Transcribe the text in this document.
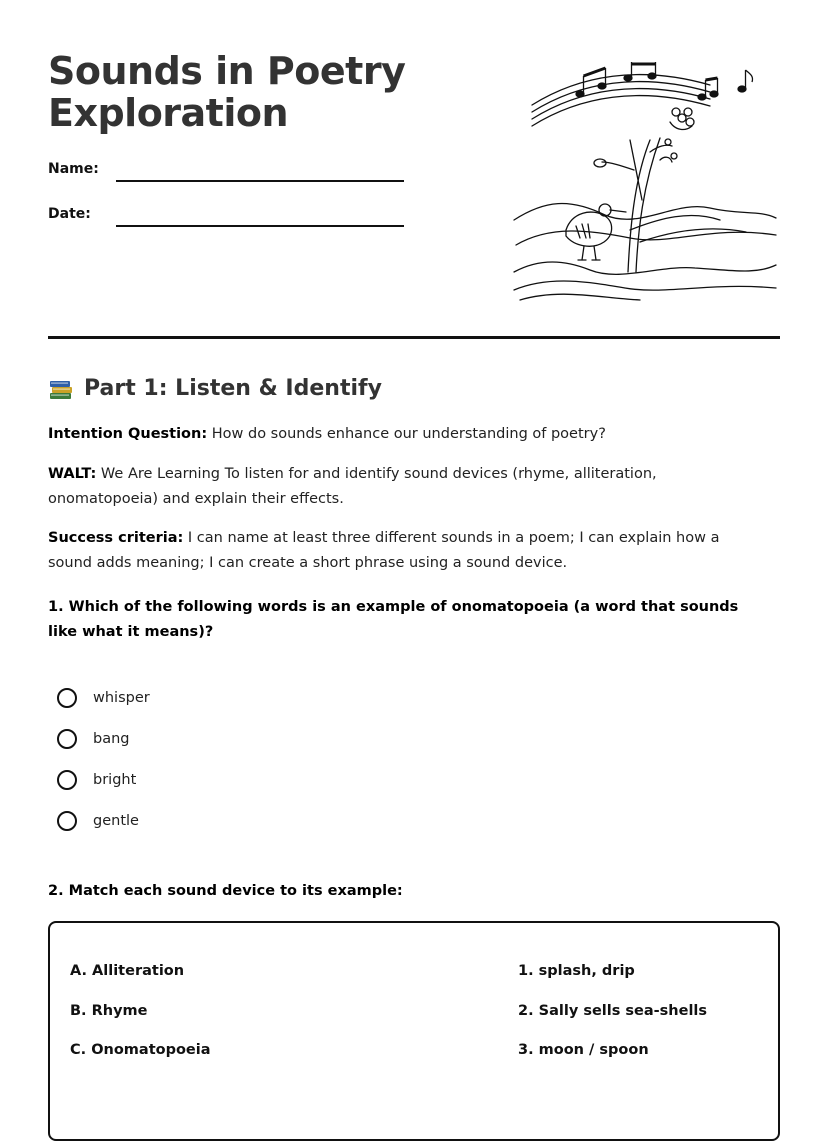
Sounds in Poetry Exploration
Name:
Date:
Part 1: Listen & Identify

Intention Question: How do sounds enhance our understanding of poetry?

WALT: We Are Learning To listen for and identify sound devices (rhyme, alliteration, onomatopoeia) and explain their effects.

Success criteria: I can name at least three different sounds in a poem; I can explain how a sound adds meaning; I can create a short phrase using a sound device.

1. Which of the following words is an example of onomatopoeia (a word that sounds like what it means)?

whisper
bang
bright
gentle

2. Match each sound device to its example:

A. Alliteration
B. Rhyme
C. Onomatopoeia
1. splash, drip
2. Sally sells sea-shells
3. moon / spoon
